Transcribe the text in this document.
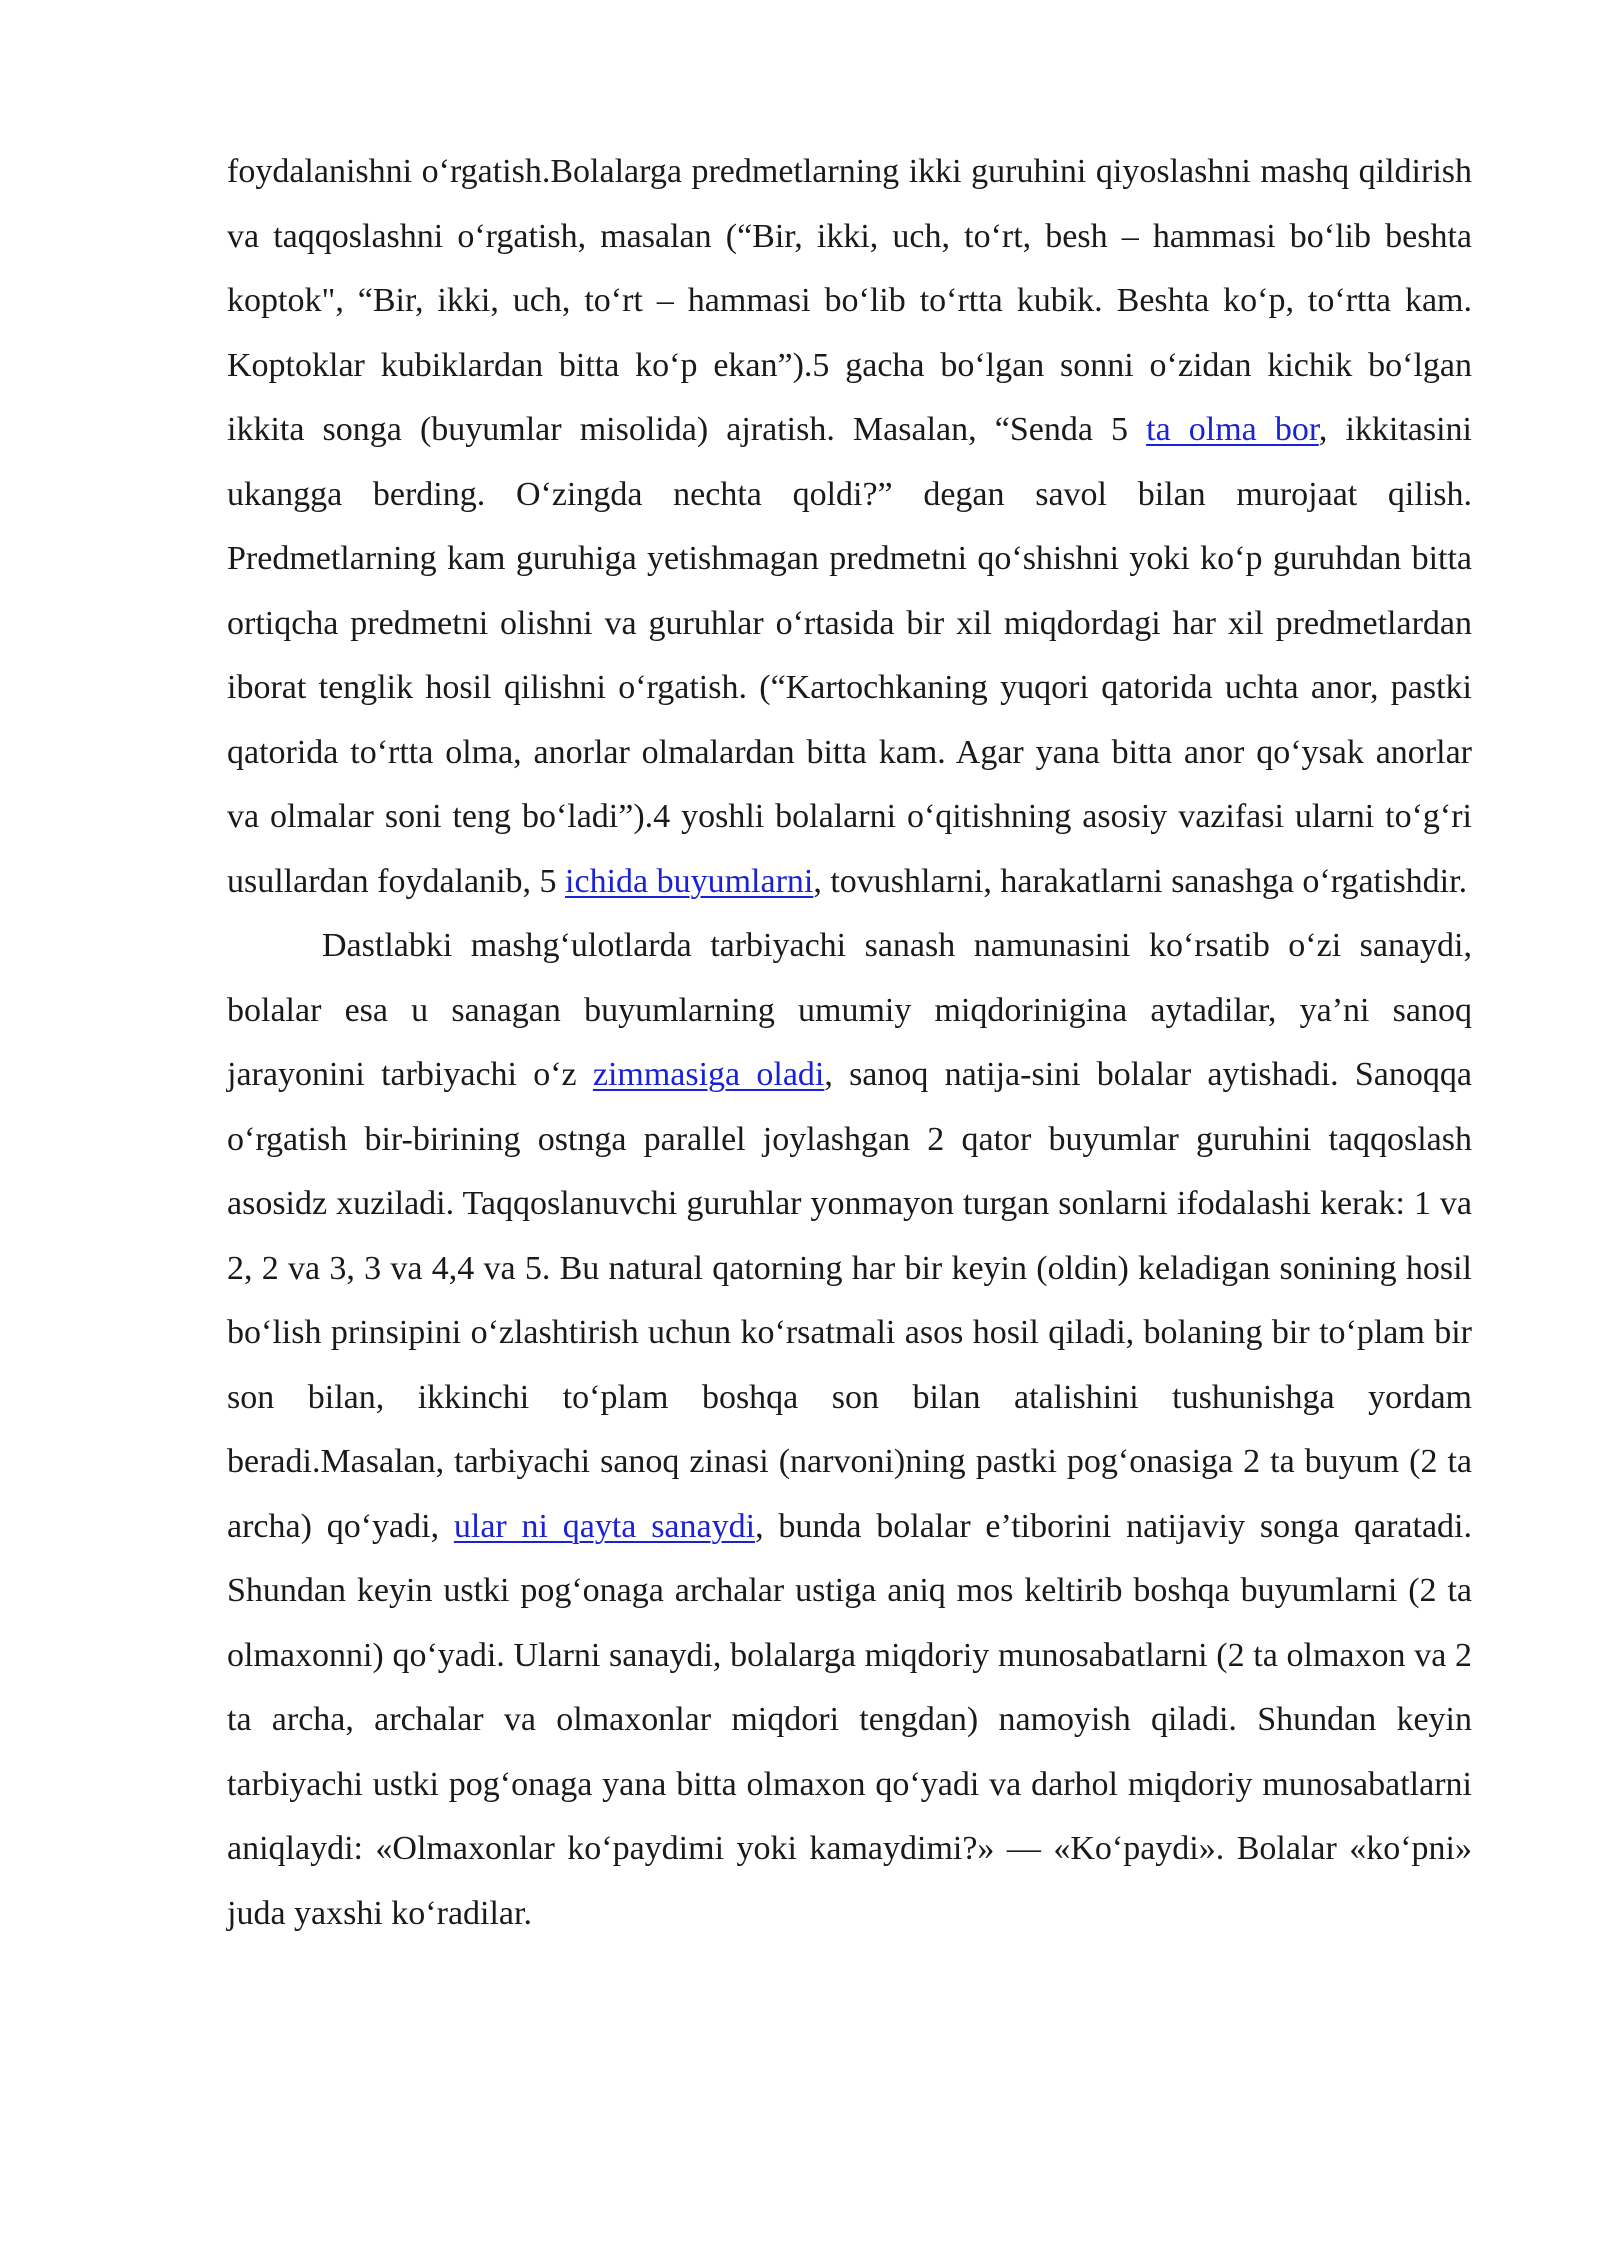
foydalanishni o‘rgatish.Bolalarga predmetlarning ikki guruhini qiyoslashni mashq qildirish va taqqoslashni o‘rgatish, masalan (“Bir, ikki, uch, to‘rt, besh – hammasi bo‘lib beshta koptok", “Bir, ikki, uch, to‘rt – hammasi bo‘lib to‘rtta kubik. Beshta ko‘p, to‘rtta kam. Koptoklar kubiklardan bitta ko‘p ekan”).5 gacha bo‘lgan sonni o‘zidan kichik bo‘lgan ikkita songa (buyumlar misolida) ajratish. Masalan, “Senda 5 ta olma bor, ikkitasini ukangga berding. O‘zingda nechta qoldi?” degan savol bilan murojaat qilish. Predmetlarning kam guruhiga yetishmagan predmetni qo‘shishni yoki ko‘p guruhdan bitta ortiqcha predmetni olishni va guruhlar o‘rtasida bir xil miqdordagi har xil predmetlardan iborat tenglik hosil qilishni o‘rgatish. (“Kartochkaning yuqori qatorida uchta anor, pastki qatorida to‘rtta olma, anorlar olmalardan bitta kam. Agar yana bitta anor qo‘ysak anorlar va olmalar soni teng bo‘ladi”).4 yoshli bolalarni o‘qitishning asosiy vazifasi ularni to‘g‘ri usullardan foydalanib, 5 ichida buyumlarni, tovushlarni, harakatlarni sanashga o‘rgatishdir.

Dastlabki mashg‘ulotlarda tarbiyachi sanash namunasini ko‘rsatib o‘zi sanaydi, bolalar esa u sanagan buyumlarning umumiy miqdorinigina aytadilar, ya’ni sanoq jarayonini tarbiyachi o‘z zimmasiga oladi, sanoq natija-sini bolalar aytishadi. Sanoqqa o‘rgatish bir-birining ostnga parallel joylashgan 2 qator buyumlar guruhini taqqoslash asosidz xuziladi. Taqqoslanuvchi guruhlar yonmayon turgan sonlarni ifodalashi kerak: 1 va 2, 2 va 3, 3 va 4,4 va 5. Bu natural qatorning har bir keyin (oldin) keladigan sonining hosil bo‘lish prinsipini o‘zlashtirish uchun ko‘rsatmali asos hosil qiladi, bolaning bir to‘plam bir son bilan, ikkinchi to‘plam boshqa son bilan atalishini tushunishga yordam beradi.Masalan, tarbiyachi sanoq zinasi (narvoni)ning pastki pog‘onasiga 2 ta buyum (2 ta archa) qo‘yadi, ular ni qayta sanaydi, bunda bolalar e’tiborini natijaviy songa qaratadi. Shundan keyin ustki pog‘onaga archalar ustiga aniq mos keltirib boshqa buyumlarni (2 ta olmaxonni) qo‘yadi. Ularni sanaydi, bolalarga miqdoriy munosabatlarni (2 ta olmaxon va 2 ta archa, archalar va olmaxonlar miqdori tengdan) namoyish qiladi. Shundan keyin tarbiyachi ustki pog‘onaga yana bitta olmaxon qo‘yadi va darhol miqdoriy munosabatlarni aniqlaydi: «Olmaxonlar ko‘paydimi yoki kamaydimi?» — «Ko‘paydi». Bolalar «ko‘pni» juda yaxshi ko‘radilar.
